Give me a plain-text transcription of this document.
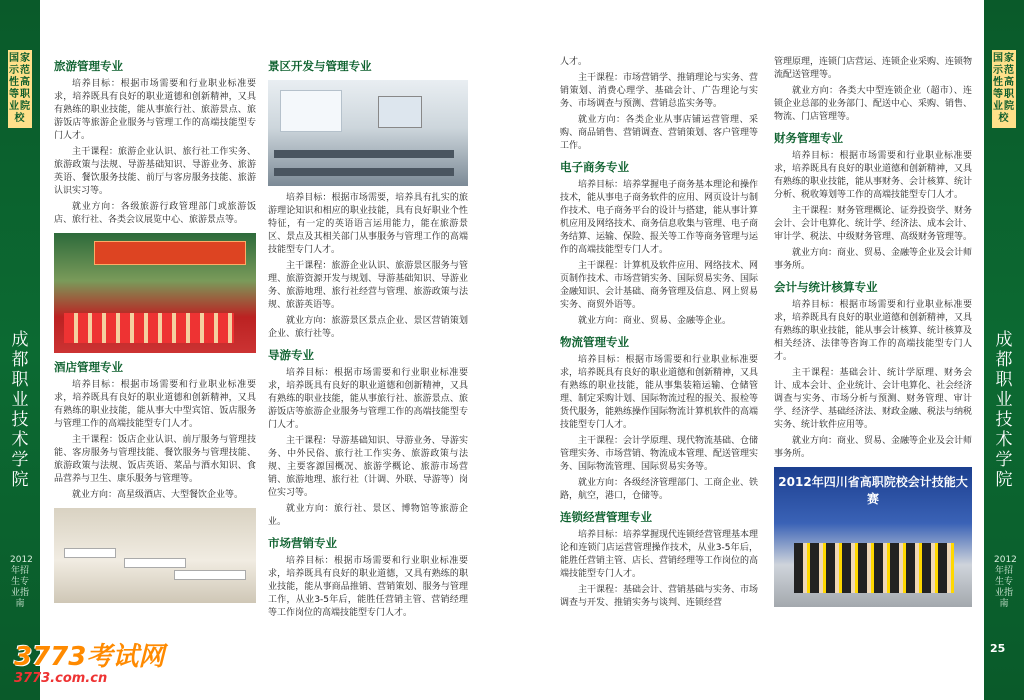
国家示范性高等职业院校
成都职业技术学院
2012年招生专业指南
国家示范性高等职业院校
成都职业技术学院
2012年招生专业指南
25
旅游管理专业

培养目标：根据市场需要和行业职业标准要求，培养既具有良好的职业道德和创新精神，又具有熟练的职业技能，能从事旅行社、旅游景点、旅游饭店等旅游企业服务与管理工作的高端技能型专门人才。

主干课程：旅游企业认识、旅行社工作实务、旅游政策与法规、导游基础知识、导游业务、旅游英语、餐饮服务技能、前厅与客房服务技能、旅游认识实习等。

就业方向：各级旅游行政管理部门或旅游饭店、旅行社、各类会议展览中心、旅游景点等。

酒店管理专业

培养目标：根据市场需要和行业职业标准要求，培养既具有良好的职业道德和创新精神，又具有熟练的职业技能，能从事大中型宾馆、饭店服务与管理工作的高端技能型专门人才。

主干课程：饭店企业认识、前厅服务与管理技能、客房服务与管理技能、餐饮服务与管理技能、旅游政策与法规、饭店英语、菜品与酒水知识、食品营养与卫生、康乐服务与管理等。

就业方向：高星级酒店、大型餐饮企业等。

景区开发与管理专业

培养目标：根据市场需要，培养具有扎实的旅游理论知识和相应的职业技能，具有良好职业个性特征，有一定的英语语言运用能力，能在旅游景区、景点及其相关部门从事服务与管理工作的高端技能型专门人才。

主干课程：旅游企业认识、旅游景区服务与管理、旅游资源开发与规划、导游基础知识、导游业务、旅游地理、旅行社经营与管理、旅游政策与法规、旅游英语等。

就业方向：旅游景区景点企业、景区营销策划企业、旅行社等。

导游专业

培养目标：根据市场需要和行业职业标准要求，培养既具有良好的职业道德和创新精神，又具有熟练的职业技能，能从事旅行社、旅游景点、旅游饭店等旅游企业服务与管理工作的高端技能型专门人才。

主干课程：导游基础知识、导游业务、导游实务、中外民俗、旅行社工作实务、旅游政策与法规、主要客源国概况、旅游学概论、旅游市场营销、旅游地理、旅行社（计调、外联、导游等）岗位实习等。

就业方向：旅行社、景区、博物馆等旅游企业。

市场营销专业

培养目标：根据市场需要和行业职业标准要求，培养既具有良好的职业道德，又具有熟练的职业技能，能从事商品推销、营销策划、服务与管理工作，从业3-5年后，能胜任营销主管、营销经理等工作岗位的高端技能型专门人才。

人才。

主干课程：市场营销学、推销理论与实务、营销策划、消费心理学、基础会计、广告理论与实务、市场调查与预测、营销总监实务等。

就业方向：各类企业从事店铺运营管理、采购、商品销售、营销调查、营销策划、客户管理等工作。

电子商务专业

培养目标：培养掌握电子商务基本理论和操作技术，能从事电子商务软件的应用、网页设计与制作技术、电子商务平台的设计与搭建，能从事计算机应用及网络技术、商务信息收集与管理、电子商务结算、运输、保险、报关等工作等商务管理与运作的高端技能型专门人才。

主干课程：计算机及软件应用、网络技术、网页制作技术、市场营销实务、国际贸易实务、国际金融知识、会计基础、商务管理及信息、网上贸易实务、商贸外语等。

就业方向：商业、贸易、金融等企业。

物流管理专业

培养目标：根据市场需要和行业职业标准要求，培养既具有良好的职业道德和创新精神，又具有熟练的职业技能，能从事集装箱运输、仓储管理、制定采购计划、国际物流过程的报关、报检等货代服务，能熟练操作国际物流计算机软件的高端技能型专门人才。

主干课程：会计学原理、现代物流基础、仓储管理实务、市场营销、物流成本管理、配送管理实务、国际物流管理、国际贸易实务等。

就业方向：各级经济管理部门、工商企业、铁路，航空，港口，仓储等。

连锁经营管理专业

培养目标：培养掌握现代连锁经营管理基本理论和连锁门店运营管理操作技术，从业3-5年后，能胜任营销主管、店长、营销经理等工作岗位的高端技能型专门人才。

主干课程：基础会计、营销基础与实务、市场调查与开发、推销实务与谈判、连锁经营

管理原理，连锁门店营运、连锁企业采购、连锁物流配送管理等。

就业方向：各类大中型连锁企业（超市）、连锁企业总部的业务部门、配送中心、采购、销售、物流、门店管理等。

财务管理专业

培养目标：根据市场需要和行业职业标准要求，培养既具有良好的职业道德和创新精神，又具有熟练的职业技能，能从事财务、会计核算、统计分析、税收筹划等工作的高端技能型专门人才。

主干课程：财务管理概论、证券投资学、财务会计、会计电算化、统计学、经济法、成本会计、审计学、税法、中级财务管理、高级财务管理等。

就业方向：商业、贸易、金融等企业及会计师事务所。

会计与统计核算专业

培养目标：根据市场需要和行业职业标准要求，培养既具有良好的职业道德和创新精神，又具有熟练的职业技能，能从事会计核算、统计核算及相关经济、法律等咨询工作的高端技能型专门人才。

主干课程：基础会计、统计学原理、财务会计、成本会计、企业统计、会计电算化、社会经济调查与实务、市场分析与预测、财务管理、审计学、经济学、基础经济法、财政金融、税法与纳税实务、统计软件应用等。

就业方向：商业、贸易、金融等企业及会计师事务所。

2012年四川省高职院校会计技能大赛
3773考试网
3773.com.cn
